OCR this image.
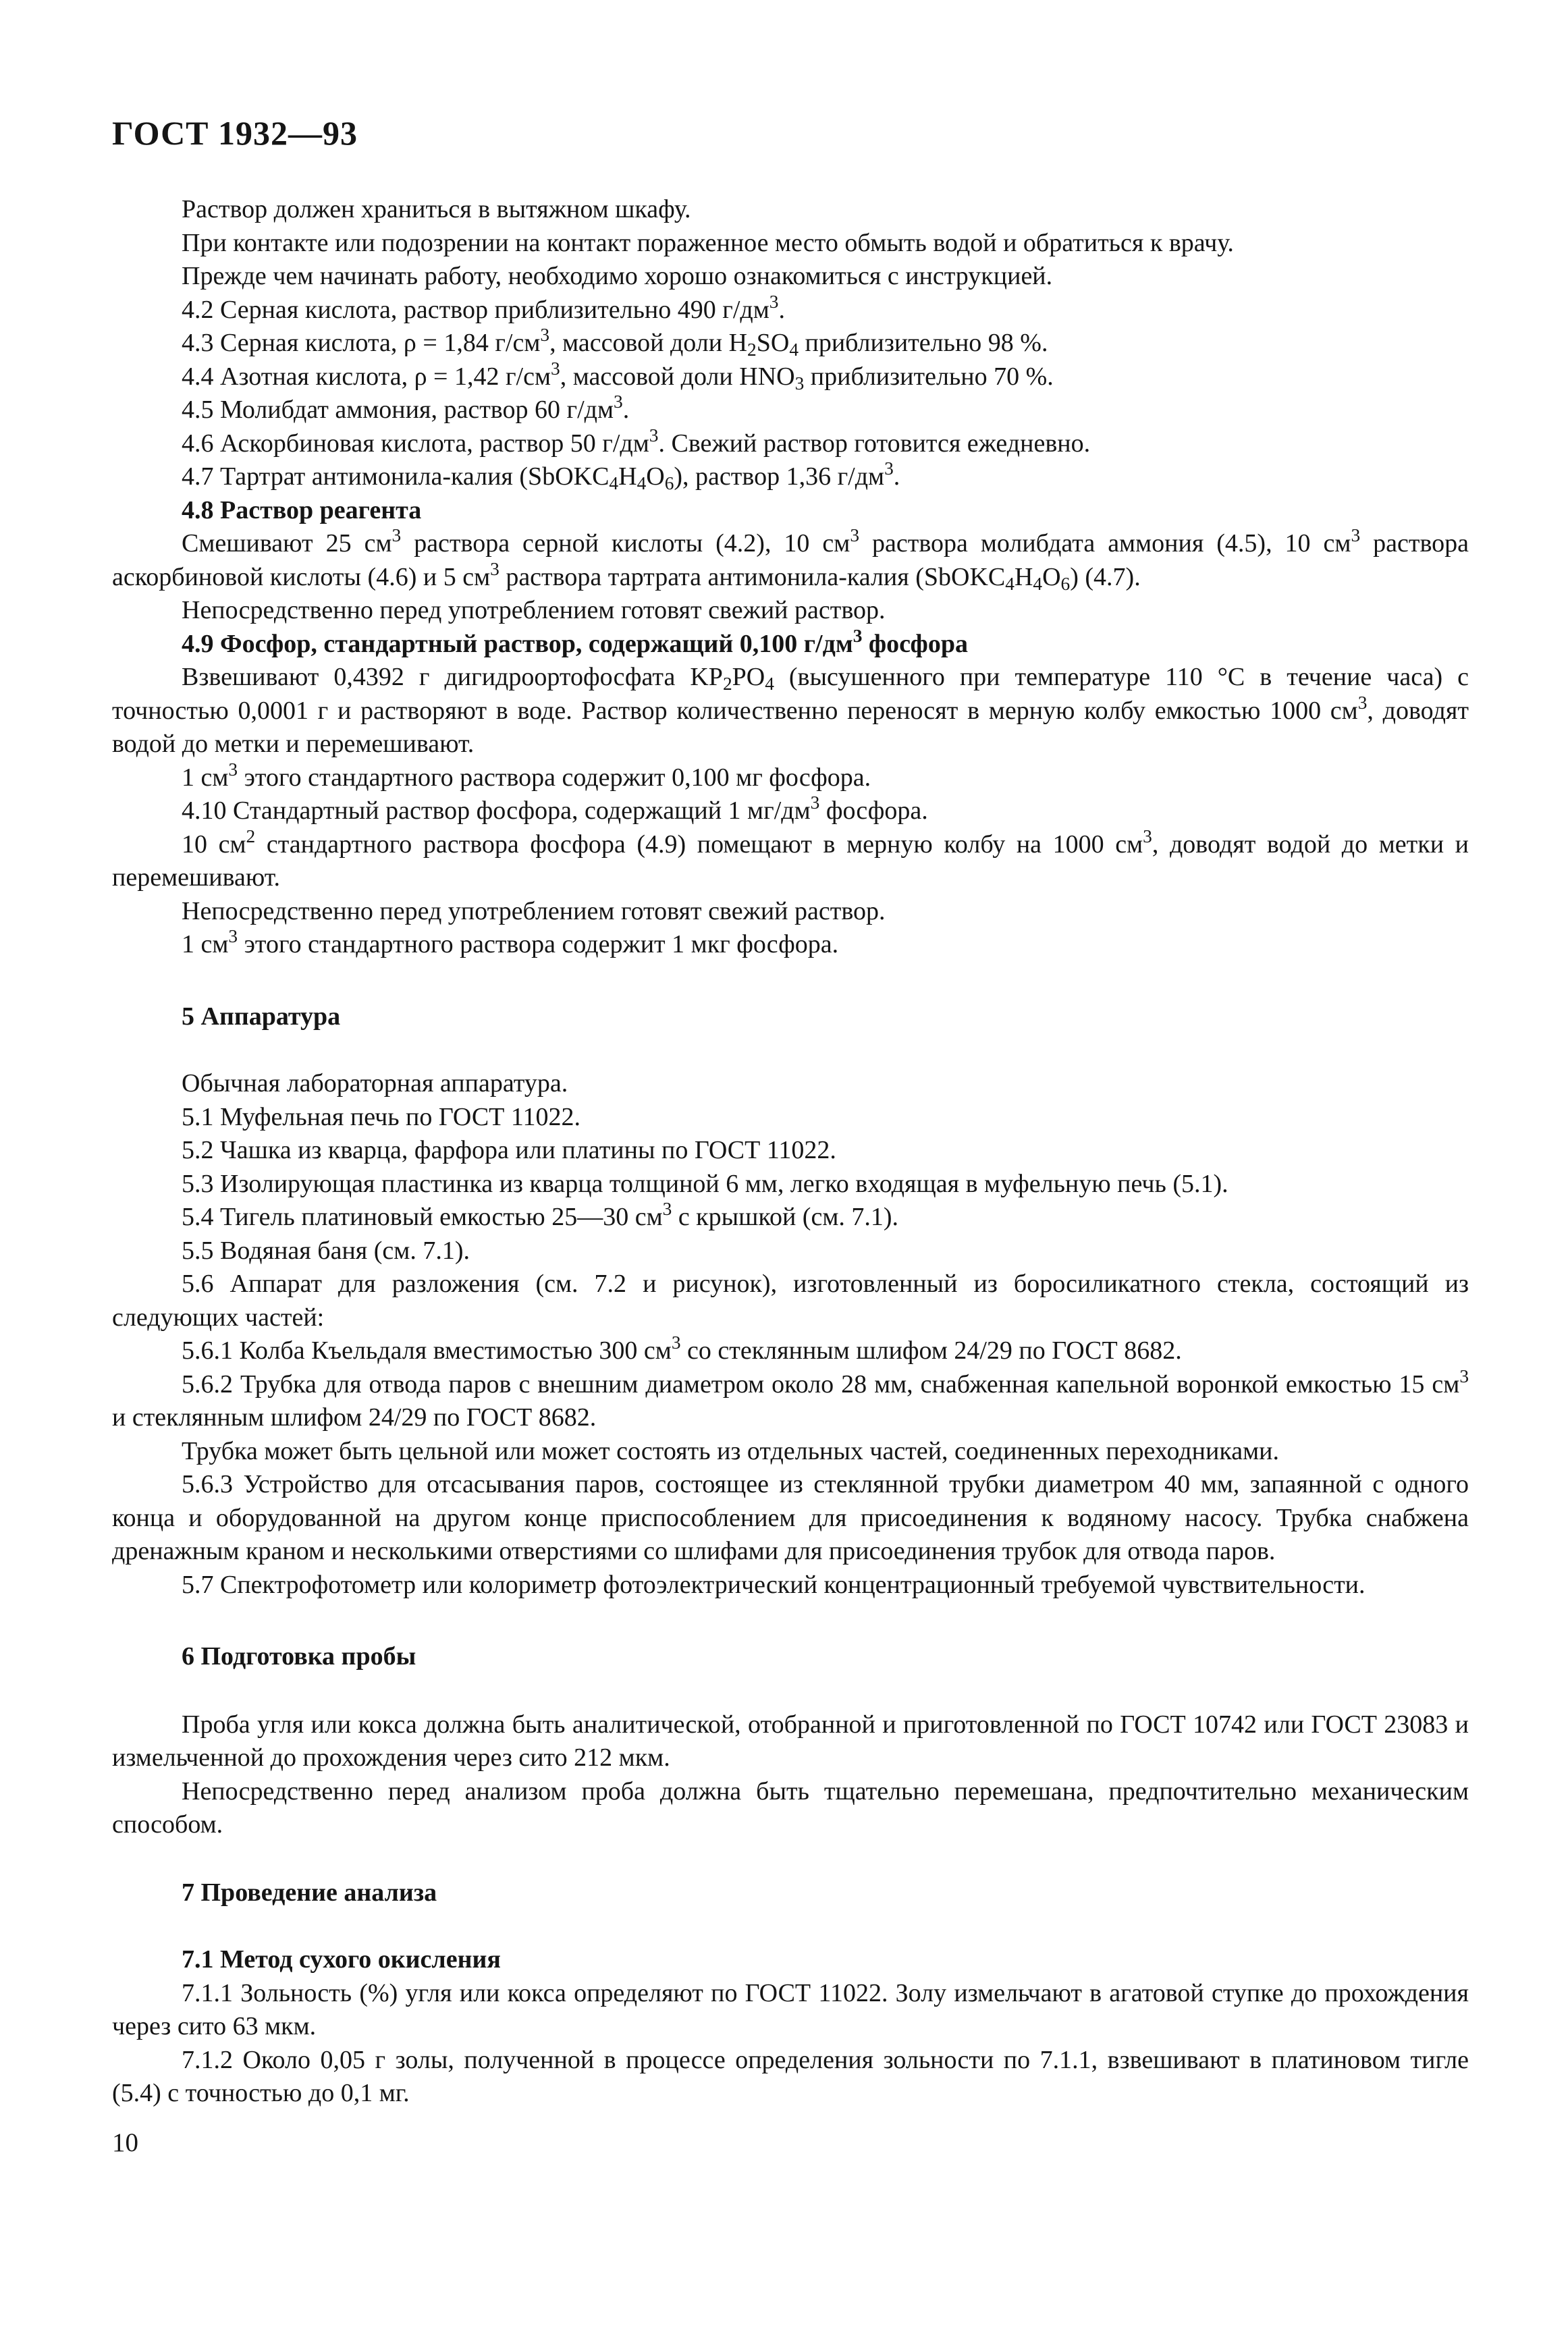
ГОСТ 1932—93

Раствор должен храниться в вытяжном шкафу.

При контакте или подозрении на контакт пораженное место обмыть водой и обратиться к врачу.

Прежде чем начинать работу, необходимо хорошо ознакомиться с инструкцией.

4.2 Серная кислота, раствор приблизительно 490 $г/дм^3$.

4.3 Серная кислота, ρ = 1,84 $г/см^3$, массовой доли $H_2SO_4$ приблизительно 98 %.

4.4 Азотная кислота, ρ = 1,42 $г/см^3$, массовой доли $HNO_3$ приблизительно 70 %.

4.5 Молибдат аммония, раствор 60 $г/дм^3$.

4.6 Аскорбиновая кислота, раствор 50 $г/дм^3$. Свежий раствор готовится ежедневно.

4.7 Тартрат антимонила-калия $(SbOKC_4H_4O_6)$, раствор 1,36 $г/дм^3$.

4.8 Раствор реагента

Смешивают 25 $см^3$ раствора серной кислоты (4.2), 10 $см^3$ раствора молибдата аммония (4.5), 10 $см^3$ раствора аскорбиновой кислоты (4.6) и 5 $см^3$ раствора тартрата антимонила-калия $(SbOKC_4H_4O_6)$ (4.7).

Непосредственно перед употреблением готовят свежий раствор.

4.9 Фосфор, стандартный раствор, содержащий 0,100 $г/дм^3$ фосфора

Взвешивают 0,4392 г дигидроортофосфата $KP_2PO_4$ (высушенного при температуре 110 °С в течение часа) с точностью 0,0001 г и растворяют в воде. Раствор количественно переносят в мерную колбу емкостью 1000 $см^3$, доводят водой до метки и перемешивают.

1 $см^3$ этого стандартного раствора содержит 0,100 мг фосфора.

4.10 Стандартный раствор фосфора, содержащий 1 $мг/дм^3$ фосфора.

10 $см^2$ стандартного раствора фосфора (4.9) помещают в мерную колбу на 1000 $см^3$, доводят водой до метки и перемешивают.

Непосредственно перед употреблением готовят свежий раствор.

1 $см^3$ этого стандартного раствора содержит 1 мкг фосфора.

5 Аппаратура

Обычная лабораторная аппаратура.

5.1 Муфельная печь по ГОСТ 11022.

5.2 Чашка из кварца, фарфора или платины по ГОСТ 11022.

5.3 Изолирующая пластинка из кварца толщиной 6 мм, легко входящая в муфельную печь (5.1).

5.4 Тигель платиновый емкостью 25—30 $см^3$ с крышкой (см. 7.1).

5.5 Водяная баня (см. 7.1).

5.6 Аппарат для разложения (см. 7.2 и рисунок), изготовленный из боросиликатного стекла, состоящий из следующих частей:

5.6.1 Колба Къельдаля вместимостью 300 $см^3$ со стеклянным шлифом 24/29 по ГОСТ 8682.

5.6.2 Трубка для отвода паров с внешним диаметром около 28 мм, снабженная капельной воронкой емкостью 15 $см^3$ и стеклянным шлифом 24/29 по ГОСТ 8682.

Трубка может быть цельной или может состоять из отдельных частей, соединенных переходниками.

5.6.3 Устройство для отсасывания паров, состоящее из стеклянной трубки диаметром 40 мм, запаянной с одного конца и оборудованной на другом конце приспособлением для присоединения к водяному насосу. Трубка снабжена дренажным краном и несколькими отверстиями со шлифами для присоединения трубок для отвода паров.

5.7 Спектрофотометр или колориметр фотоэлектрический концентрационный требуемой чувствительности.

6 Подготовка пробы

Проба угля или кокса должна быть аналитической, отобранной и приготовленной по ГОСТ 10742 или ГОСТ 23083 и измельченной до прохождения через сито 212 мкм.

Непосредственно перед анализом проба должна быть тщательно перемешана, предпочтительно механическим способом.

7 Проведение анализа

7.1 Метод сухого окисления

7.1.1 Зольность (%) угля или кокса определяют по ГОСТ 11022. Золу измельчают в агатовой ступке до прохождения через сито 63 мкм.

7.1.2 Около 0,05 г золы, полученной в процессе определения зольности по 7.1.1, взвешивают в платиновом тигле (5.4) с точностью до 0,1 мг.

10
